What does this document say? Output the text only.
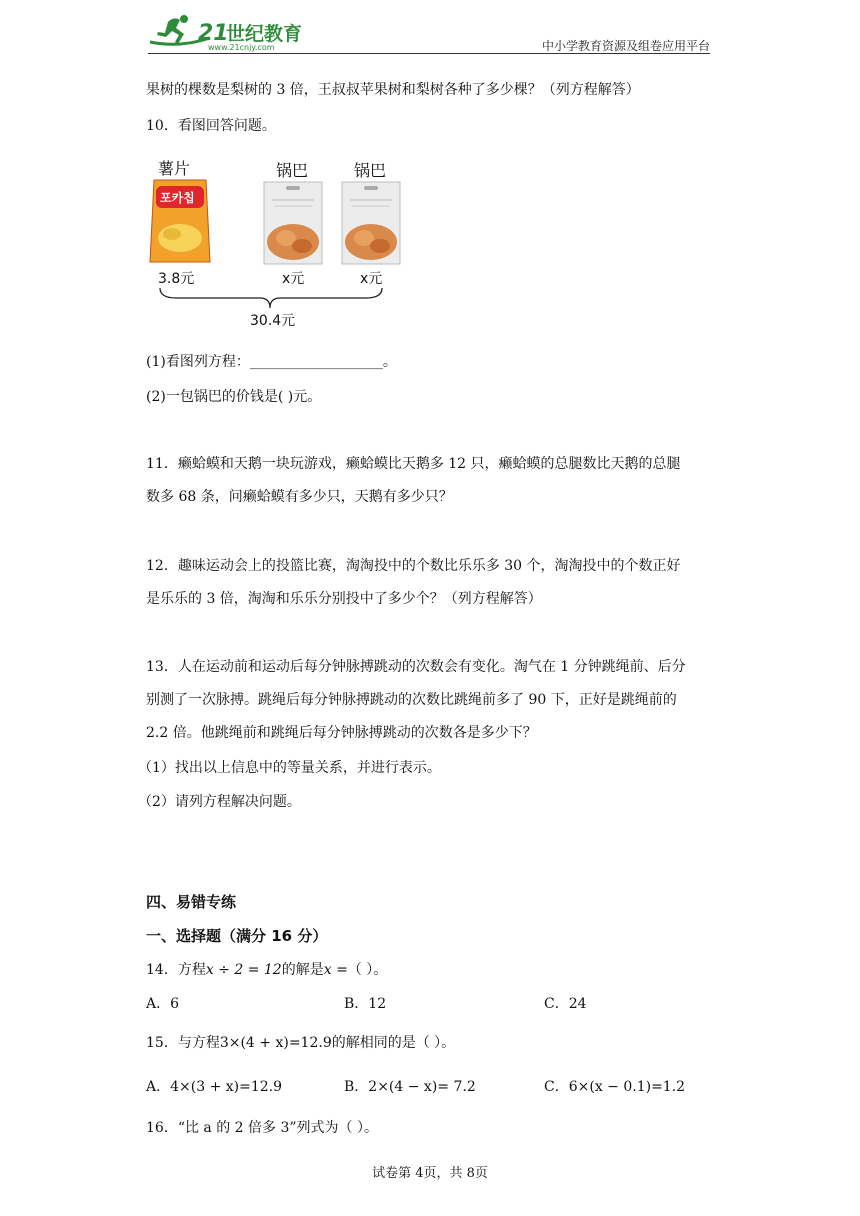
21
世纪教育
www.21cnjy.com	中小学教育资源及组卷应用平台
果树的棵数是梨树的 3 倍，王叔叔苹果树和梨树各种了多少棵？（列方程解答）
10．看图回答问题。
薯片	锅巴	锅巴
포카칩
3.8元	x元	x元
30.4元
(1)看图列方程：___________________。
(2)一包锅巴的价钱是( )元。
11．癞蛤蟆和天鹅一块玩游戏，癞蛤蟆比天鹅多 12 只，癞蛤蟆的总腿数比天鹅的总腿
数多 68 条，问癞蛤蟆有多少只，天鹅有多少只？
12．趣味运动会上的投篮比赛，淘淘投中的个数比乐乐多 30 个，淘淘投中的个数正好
是乐乐的 3 倍，淘淘和乐乐分别投中了多少个？（列方程解答）
13．人在运动前和运动后每分钟脉搏跳动的次数会有变化。淘气在 1 分钟跳绳前、后分
别测了一次脉搏。跳绳后每分钟脉搏跳动的次数比跳绳前多了 90 下，正好是跳绳前的
2.2 倍。他跳绳前和跳绳后每分钟脉搏跳动的次数各是多少下？
（1）找出以上信息中的等量关系，并进行表示。
（2）请列方程解决问题。
四、易错专练
一、选择题（满分 16 分）
14．方程x ÷ 2 = 12的解是x =（ ）。
A．6	B．12	C．24
15．与方程3×(4 + x)=12.9的解相同的是（ ）。
A．4×(3 + x)=12.9	B．2×(4 − x)= 7.2	C．6×(x − 0.1)=1.2
16．“比 a 的 2 倍多 3”列式为（ ）。
试卷第 4页，共 8页
